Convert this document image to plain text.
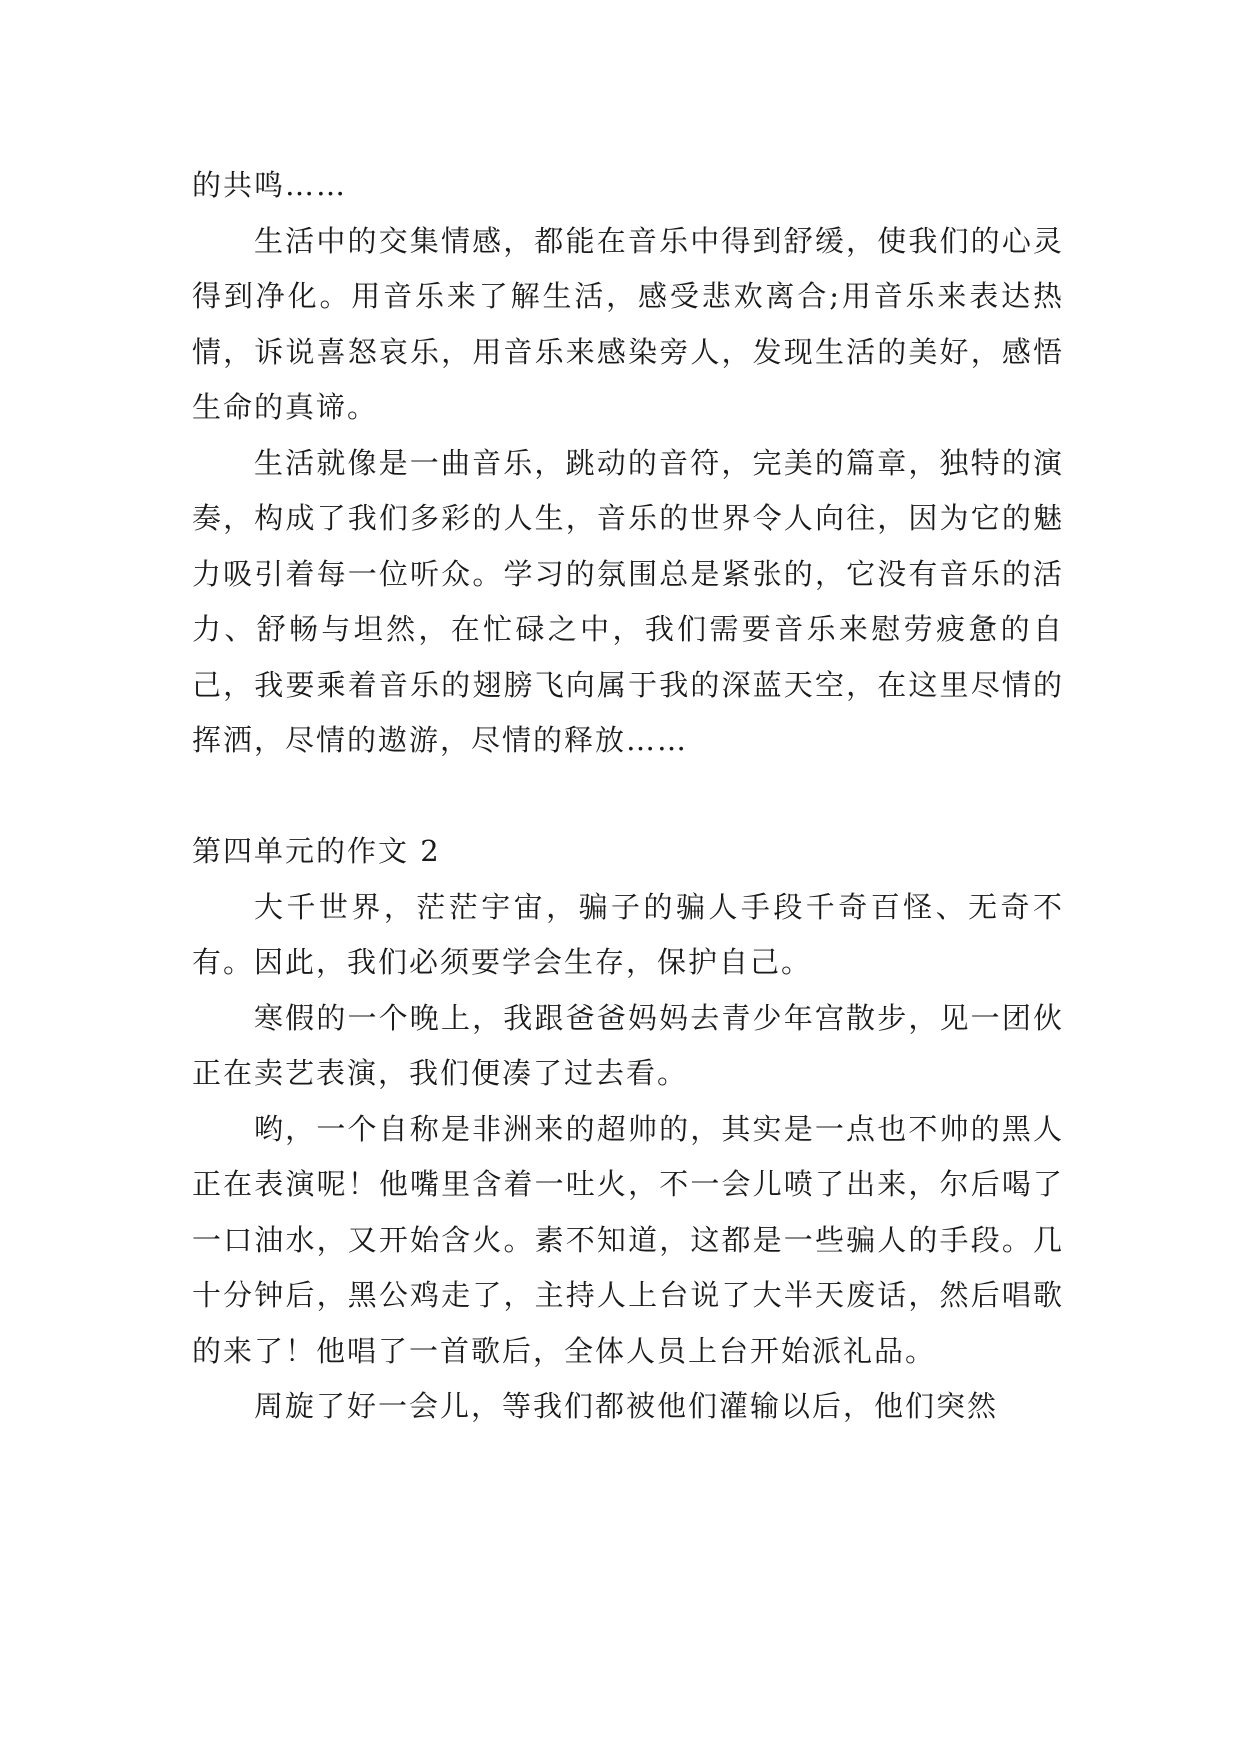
的共鸣……

生活中的交集情感，都能在音乐中得到舒缓，使我们的心灵得到净化。用音乐来了解生活，感受悲欢离合;用音乐来表达热情，诉说喜怒哀乐，用音乐来感染旁人，发现生活的美好，感悟生命的真谛。

生活就像是一曲音乐，跳动的音符，完美的篇章，独特的演奏，构成了我们多彩的人生，音乐的世界令人向往，因为它的魅力吸引着每一位听众。学习的氛围总是紧张的，它没有音乐的活力、舒畅与坦然，在忙碌之中，我们需要音乐来慰劳疲惫的自己，我要乘着音乐的翅膀飞向属于我的深蓝天空，在这里尽情的挥洒，尽情的遨游，尽情的释放……

第四单元的作文 2

大千世界，茫茫宇宙，骗子的骗人手段千奇百怪、无奇不有。因此，我们必须要学会生存，保护自己。

寒假的一个晚上，我跟爸爸妈妈去青少年宫散步，见一团伙正在卖艺表演，我们便凑了过去看。

哟，一个自称是非洲来的超帅的，其实是一点也不帅的黑人正在表演呢！他嘴里含着一吐火，不一会儿喷了出来，尔后喝了一口油水，又开始含火。素不知道，这都是一些骗人的手段。几十分钟后，黑公鸡走了，主持人上台说了大半天废话，然后唱歌的来了！他唱了一首歌后，全体人员上台开始派礼品。

周旋了好一会儿，等我们都被他们灌输以后，他们突然
